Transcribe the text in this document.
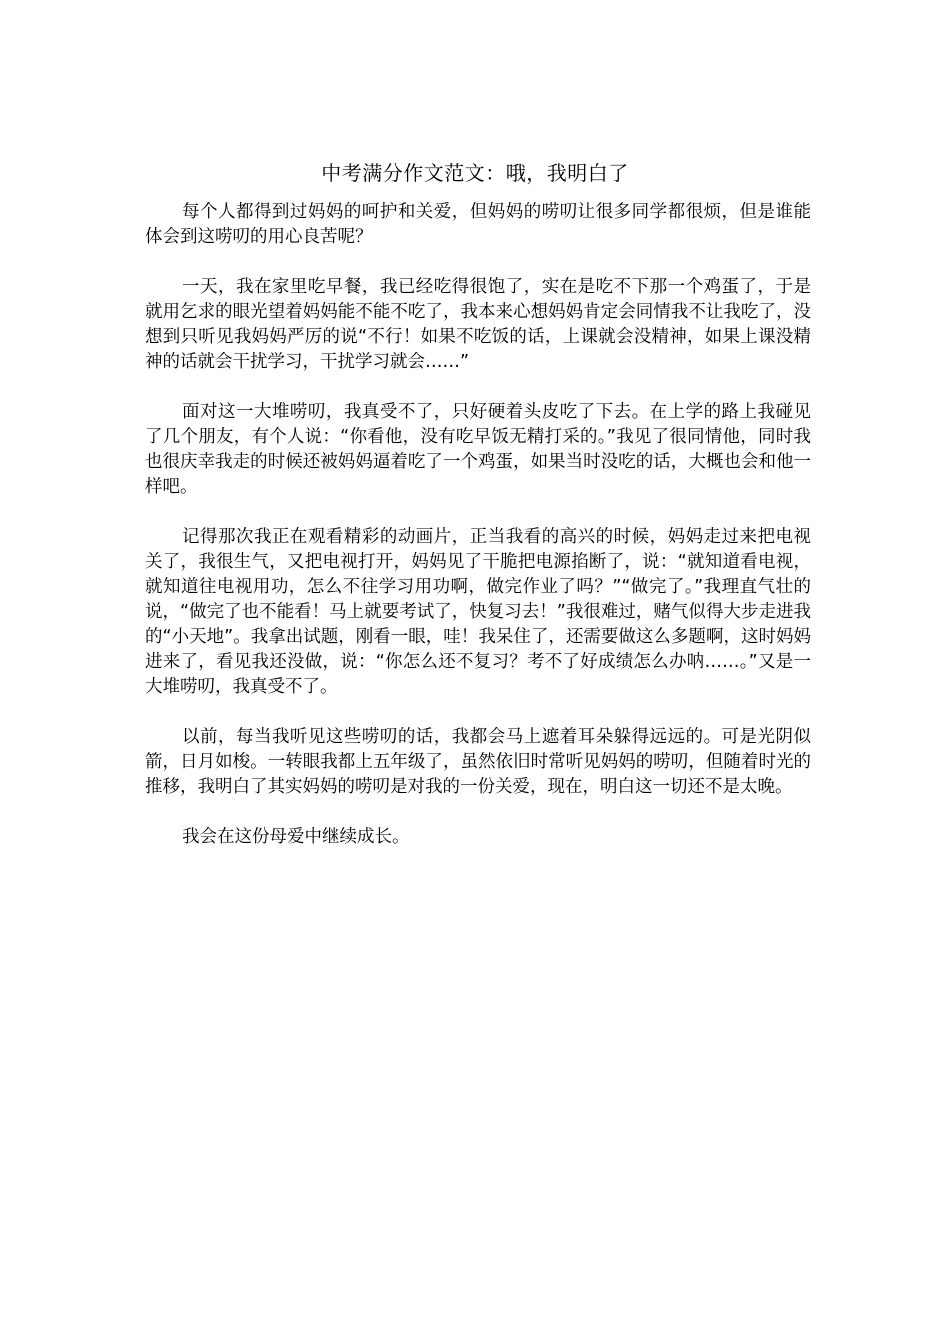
中考满分作文范文：哦，我明白了

每个人都得到过妈妈的呵护和关爱，但妈妈的唠叨让很多同学都很烦，但是谁能体会到这唠叨的用心良苦呢？

一天，我在家里吃早餐，我已经吃得很饱了，实在是吃不下那一个鸡蛋了，于是就用乞求的眼光望着妈妈能不能不吃了，我本来心想妈妈肯定会同情我不让我吃了，没想到只听见我妈妈严厉的说“不行！如果不吃饭的话，上课就会没精神，如果上课没精神的话就会干扰学习，干扰学习就会……”

面对这一大堆唠叨，我真受不了，只好硬着头皮吃了下去。在上学的路上我碰见了几个朋友，有个人说：“你看他，没有吃早饭无精打采的。”我见了很同情他，同时我也很庆幸我走的时候还被妈妈逼着吃了一个鸡蛋，如果当时没吃的话，大概也会和他一样吧。

记得那次我正在观看精彩的动画片，正当我看的高兴的时候，妈妈走过来把电视关了，我很生气，又把电视打开，妈妈见了干脆把电源掐断了，说：“就知道看电视，就知道往电视用功，怎么不往学习用功啊，做完作业了吗？”“做完了。”我理直气壮的说，“做完了也不能看！马上就要考试了，快复习去！”我很难过，赌气似得大步走进我的“小天地”。我拿出试题，刚看一眼，哇！我呆住了，还需要做这么多题啊，这时妈妈进来了，看见我还没做，说：“你怎么还不复习？考不了好成绩怎么办呐……。”又是一大堆唠叨，我真受不了。

以前，每当我听见这些唠叨的话，我都会马上遮着耳朵躲得远远的。可是光阴似箭，日月如梭。一转眼我都上五年级了，虽然依旧时常听见妈妈的唠叨，但随着时光的推移，我明白了其实妈妈的唠叨是对我的一份关爱，现在，明白这一切还不是太晚。

我会在这份母爱中继续成长。
